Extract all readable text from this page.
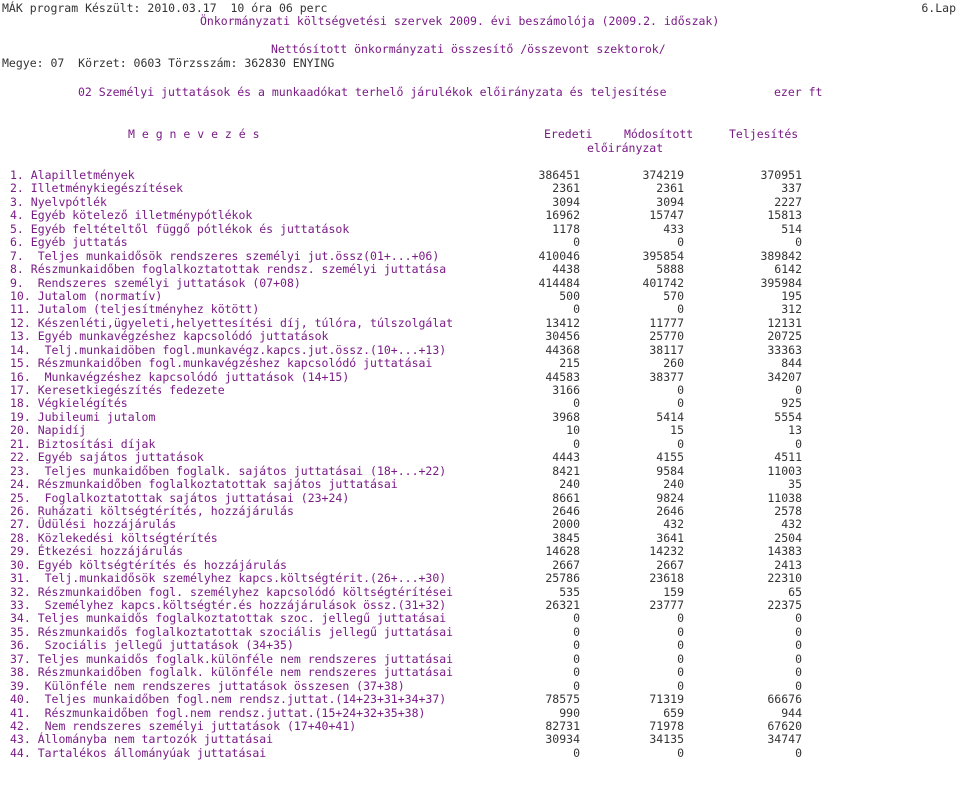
MÁK program Készült: 2010.03.17  10 óra 06 perc	6.Lap
Önkormányzati költségvetési szervek 2009. évi beszámolója (2009.2. időszak)
Nettósított önkormányzati összesítő /összevont szektorok/
Megye: 07  Körzet: 0603 Törzsszám: 362830 ENYING
02 Személyi juttatások és a munkaadókat terhelő járulékok előirányzata és teljesítése	ezer ft
M e g n e v e z é s	Eredeti	Módosított	Teljesítés
előirányzat
1. Alapilletmények	386451	374219	370951
2. Illetménykiegészítések	2361	2361	337
3. Nyelvpótlék	3094	3094	2227
4. Egyéb kötelező illetménypótlékok	16962	15747	15813
5. Egyéb feltételtől függő pótlékok és juttatások	1178	433	514
6. Egyéb juttatás	0	0	0
7.  Teljes munkaidősök rendszeres személyi jut.össz(01+...+06)	410046	395854	389842
8. Részmunkaidőben foglalkoztatottak rendsz. személyi juttatása	4438	5888	6142
9.  Rendszeres személyi juttatások (07+08)	414484	401742	395984
10. Jutalom (normatív)	500	570	195
11. Jutalom (teljesítményhez kötött)	0	0	312
12. Készenléti,ügyeleti,helyettesítési díj, túlóra, túlszolgálat	13412	11777	12131
13. Egyéb munkavégzéshez kapcsolódó juttatások	30456	25770	20725
14.  Telj.munkaidöben fogl.munkavégz.kapcs.jut.össz.(10+...+13)	44368	38117	33363
15. Részmunkaidőben fogl.munkavégzéshez kapcsolódó juttatásai	215	260	844
16.  Munkavégzéshez kapcsolódó juttatások (14+15)	44583	38377	34207
17. Keresetkiegészítés fedezete	3166	0	0
18. Végkielégítés	0	0	925
19. Jubileumi jutalom	3968	5414	5554
20. Napidíj	10	15	13
21. Biztosítási díjak	0	0	0
22. Egyéb sajátos juttatások	4443	4155	4511
23.  Teljes munkaidőben foglalk. sajátos juttatásai (18+...+22)	8421	9584	11003
24. Részmunkaidőben foglalkoztatottak sajátos juttatásai	240	240	35
25.  Foglalkoztatottak sajátos juttatásai (23+24)	8661	9824	11038
26. Ruházati költségtérítés, hozzájárulás	2646	2646	2578
27. Üdülési hozzájárulás	2000	432	432
28. Közlekedési költségtérítés	3845	3641	2504
29. Étkezési hozzájárulás	14628	14232	14383
30. Egyéb költségtérítés és hozzájárulás	2667	2667	2413
31.  Telj.munkaidősök személyhez kapcs.költségtérit.(26+...+30)	25786	23618	22310
32. Részmunkaidőben fogl. személyhez kapcsolódó költségtérítései	535	159	65
33.  Személyhez kapcs.költségtér.és hozzájárulások össz.(31+32)	26321	23777	22375
34. Teljes munkaidős foglalkoztatottak szoc. jellegű juttatásai	0	0	0
35. Részmunkaidős foglalkoztatottak szociális jellegű juttatásai	0	0	0
36.  Szociális jellegű juttatások (34+35)	0	0	0
37. Teljes munkaidős foglalk.különféle nem rendszeres juttatásai	0	0	0
38. Részmunkaidőben foglalk. különféle nem rendszeres juttatásai	0	0	0
39.  Különféle nem rendszeres juttatások összesen (37+38)	0	0	0
40.  Teljes munkaidőben fogl.nem rendsz.juttat.(14+23+31+34+37)	78575	71319	66676
41.  Részmunkaidőben fogl.nem rendsz.juttat.(15+24+32+35+38)	990	659	944
42.  Nem rendszeres személyi juttatások (17+40+41)	82731	71978	67620
43. Állományba nem tartozók juttatásai	30934	34135	34747
44. Tartalékos állományúak juttatásai	0	0	0
